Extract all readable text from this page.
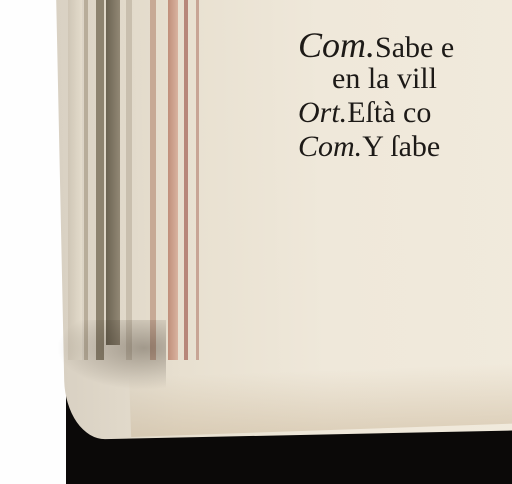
Com.Sabe e
en la vill
Ort.Eſtà co
Com.Y ſabe
